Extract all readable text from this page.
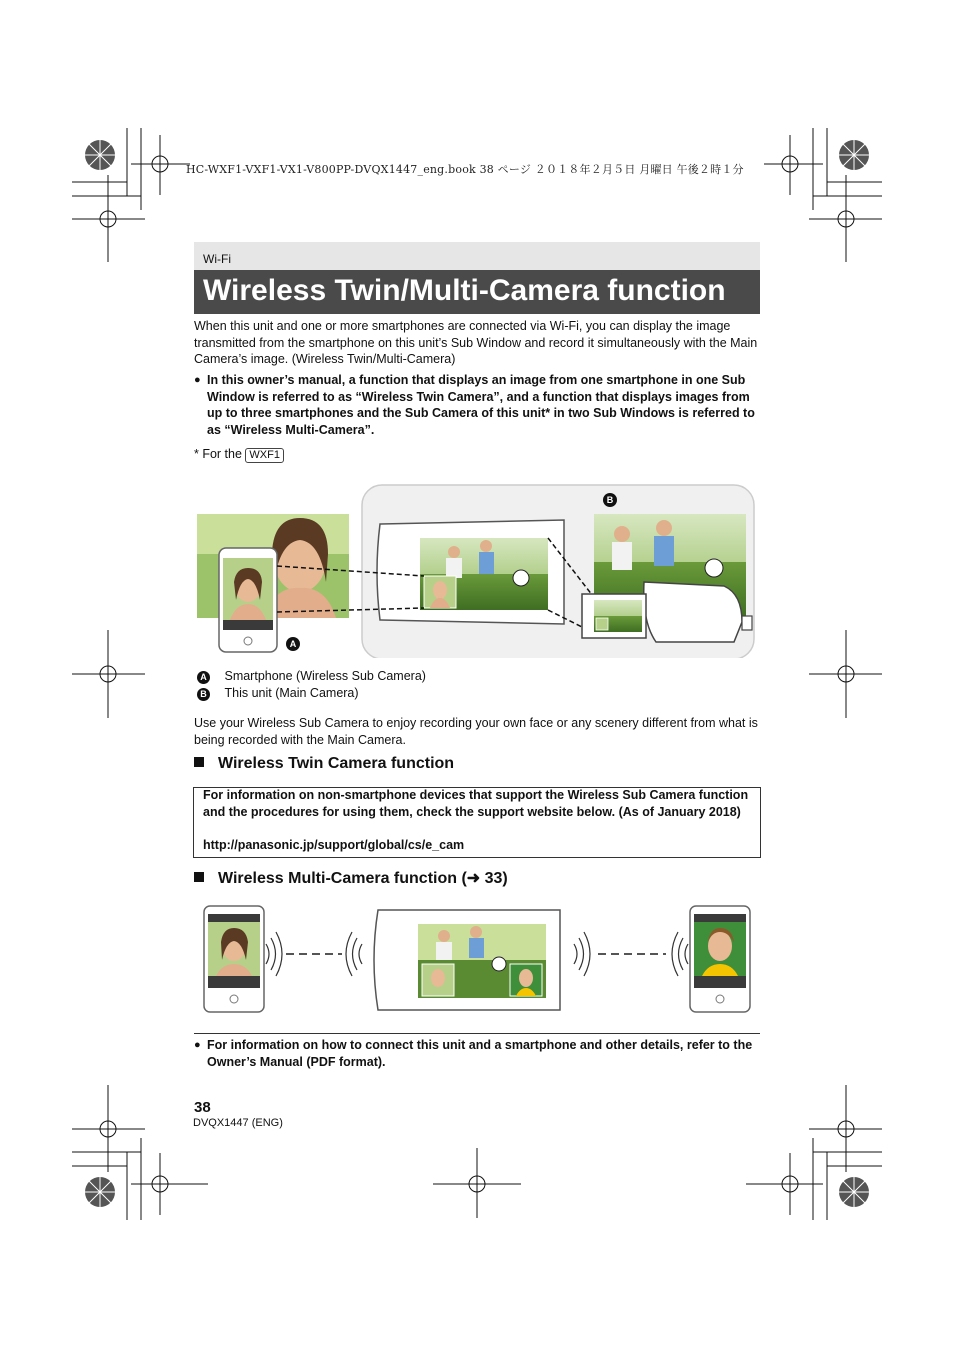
HC-WXF1-VXF1-VX1-V800PP-DVQX1447_eng.book 38 ページ ２０１８年２月５日 月曜日 午後２時１分
Wi-Fi
Wireless Twin/Multi-Camera function
When this unit and one or more smartphones are connected via Wi-Fi, you can display the image transmitted from the smartphone on this unit’s Sub Window and record it simultaneously with the Main Camera’s image. (Wireless Twin/Multi-Camera)
● In this owner’s manual, a function that displays an image from one smartphone in one Sub Window is referred to as “Wireless Twin Camera”, and a function that displays images from up to three smartphones and the Sub Camera of this unit* in two Sub Windows is referred to as “Wireless Multi-Camera”.
* For the WXF1
B
A
A Smartphone (Wireless Sub Camera)
B This unit (Main Camera)
Use your Wireless Sub Camera to enjoy recording your own face or any scenery different from what is being recorded with the Main Camera.
Wireless Twin Camera function
For information on non-smartphone devices that support the Wireless Sub Camera function and the procedures for using them, check the support website below. (As of January 2018)
http://panasonic.jp/support/global/cs/e_cam
Wireless Multi-Camera function (➜ 33)
● For information on how to connect this unit and a smartphone and other details, refer to the Owner’s Manual (PDF format).
38
DVQX1447 (ENG)
